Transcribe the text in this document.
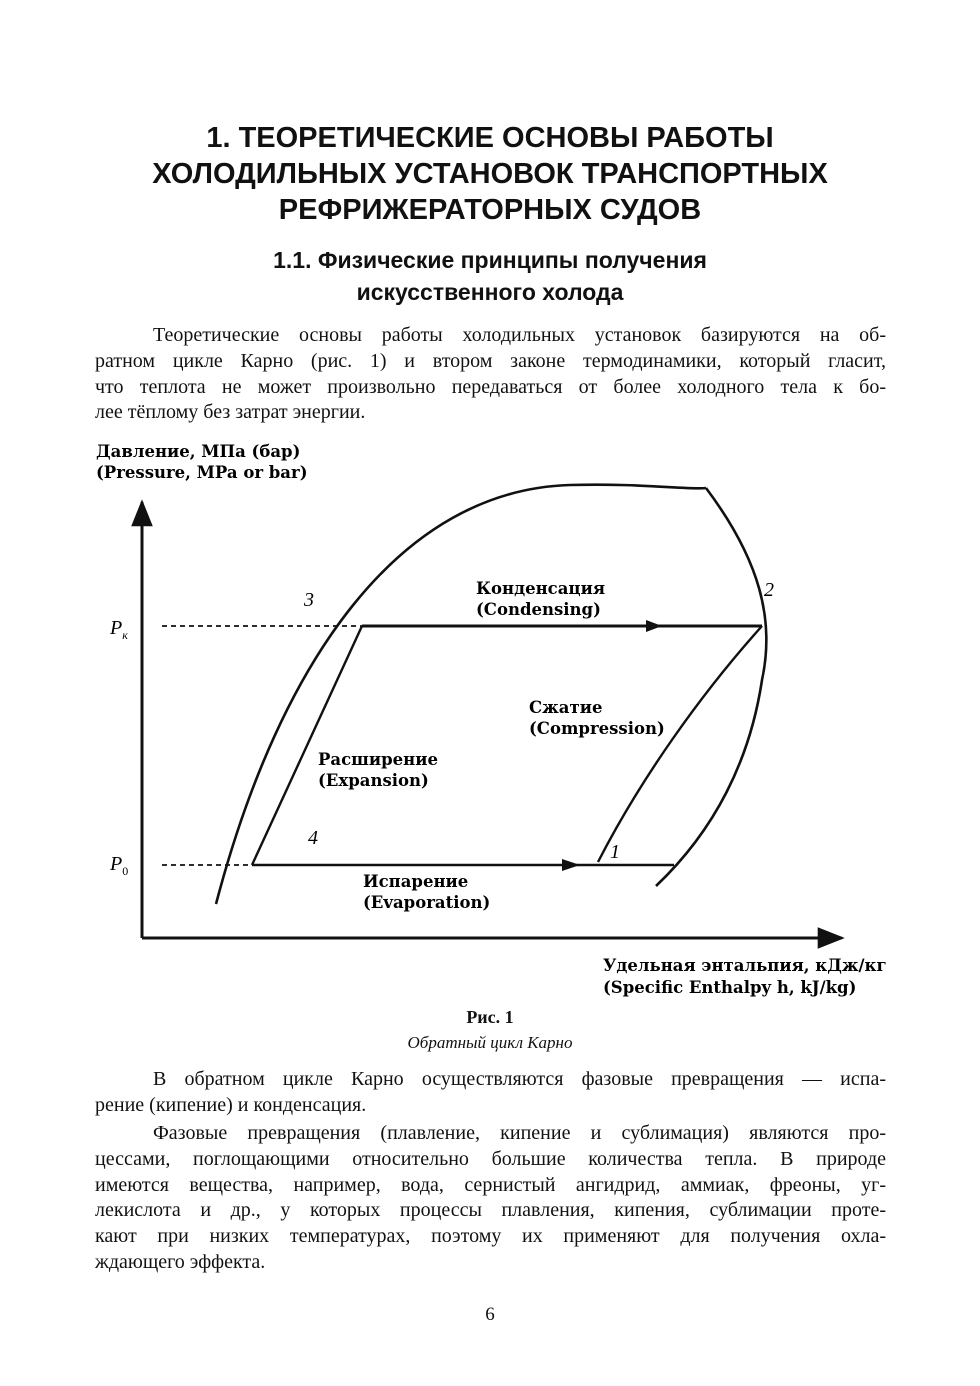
1. ТЕОРЕТИЧЕСКИЕ ОСНОВЫ РАБОТЫ
ХОЛОДИЛЬНЫХ УСТАНОВОК ТРАНСПОРТНЫХ
РЕФРИЖЕРАТОРНЫХ СУДОВ
1.1. Физические принципы получения
искусственного холода
Теоретические основы работы холодильных установок базируются на об-
ратном цикле Карно (рис. 1) и втором законе термодинамики, который гласит,
что теплота не может произвольно передаваться от более холодного тела к бо-
лее тёплому без затрат энергии.
Давление, МПа (бар)
(Pressure, MPa or bar)
$P_к$
$P_0$
3	2
4
1
Конденсация
(Condensing)
Сжатие
(Compression)
Расширение
(Expansion)
Испарение
(Evaporation)
Удельная энтальпия, кДж/кг
(Specific Enthalpy h, kJ/kg)
Рис. 1
Обратный цикл Карно
В обратном цикле Карно осуществляются фазовые превращения — испа-
рение (кипение) и конденсация.
Фазовые превращения (плавление, кипение и сублимация) являются про-
цессами, поглощающими относительно большие количества тепла. В природе
имеются вещества, например, вода, сернистый ангидрид, аммиак, фреоны, уг-
лекислота и др., у которых процессы плавления, кипения, сублимации проте-
кают при низких температурах, поэтому их применяют для получения охла-
ждающего эффекта.
6
